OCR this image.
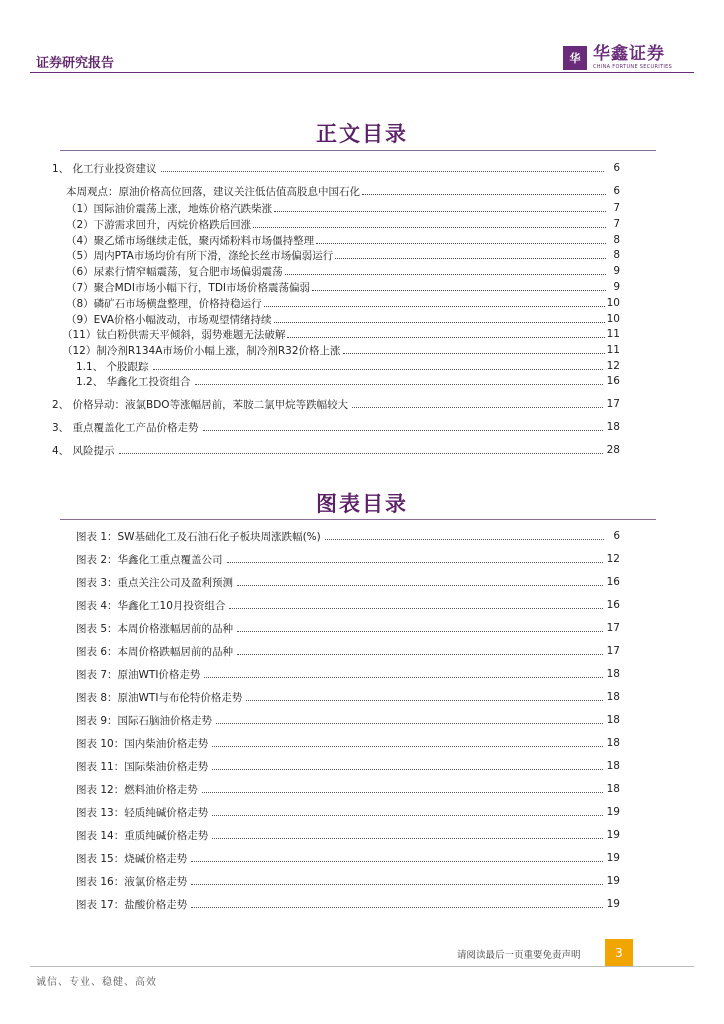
证券研究报告	华 华鑫证券
CHINA FORTUNE SECURITIES
正文目录
1、 化工行业投资建议	6
本周观点：原油价格高位回落，建议关注低估值高股息中国石化	6
（1）国际油价震荡上涨，地炼价格汽跌柴涨	7
（2）下游需求回升，丙烷价格跌后回涨	7
（4）聚乙烯市场继续走低，聚丙烯粉料市场僵持整理	8
（5）周内PTA市场均价有所下滑，涤纶长丝市场偏弱运行	8
（6）尿素行情窄幅震荡，复合肥市场偏弱震荡	9
（7）聚合MDI市场小幅下行，TDI市场价格震荡偏弱	9
（8）磷矿石市场横盘整理，价格持稳运行	10
（9）EVA价格小幅波动，市场观望情绪持续	10
（11）钛白粉供需天平倾斜，弱势难题无法破解	11
（12）制冷剂R134A市场价小幅上涨，制冷剂R32价格上涨	11
1.1、 个股跟踪	12
1.2、 华鑫化工投资组合	16
2、 价格异动：液氯BDO等涨幅居前，苯胺二氯甲烷等跌幅较大	17
3、 重点覆盖化工产品价格走势	18
4、 风险提示	28
图表目录
图表 1：SW基础化工及石油石化子板块周涨跌幅(%)	6
图表 2：华鑫化工重点覆盖公司	12
图表 3：重点关注公司及盈利预测	16
图表 4：华鑫化工10月投资组合	16
图表 5：本周价格涨幅居前的品种	17
图表 6：本周价格跌幅居前的品种	17
图表 7：原油WTI价格走势	18
图表 8：原油WTI与布伦特价格走势	18
图表 9：国际石脑油价格走势	18
图表 10：国内柴油价格走势	18
图表 11：国际柴油价格走势	18
图表 12：燃料油价格走势	18
图表 13：轻质纯碱价格走势	19
图表 14：重质纯碱价格走势	19
图表 15：烧碱价格走势	19
图表 16：液氯价格走势	19
图表 17：盐酸价格走势	19
请阅读最后一页重要免责声明	3
诚信、专业、稳健、高效
